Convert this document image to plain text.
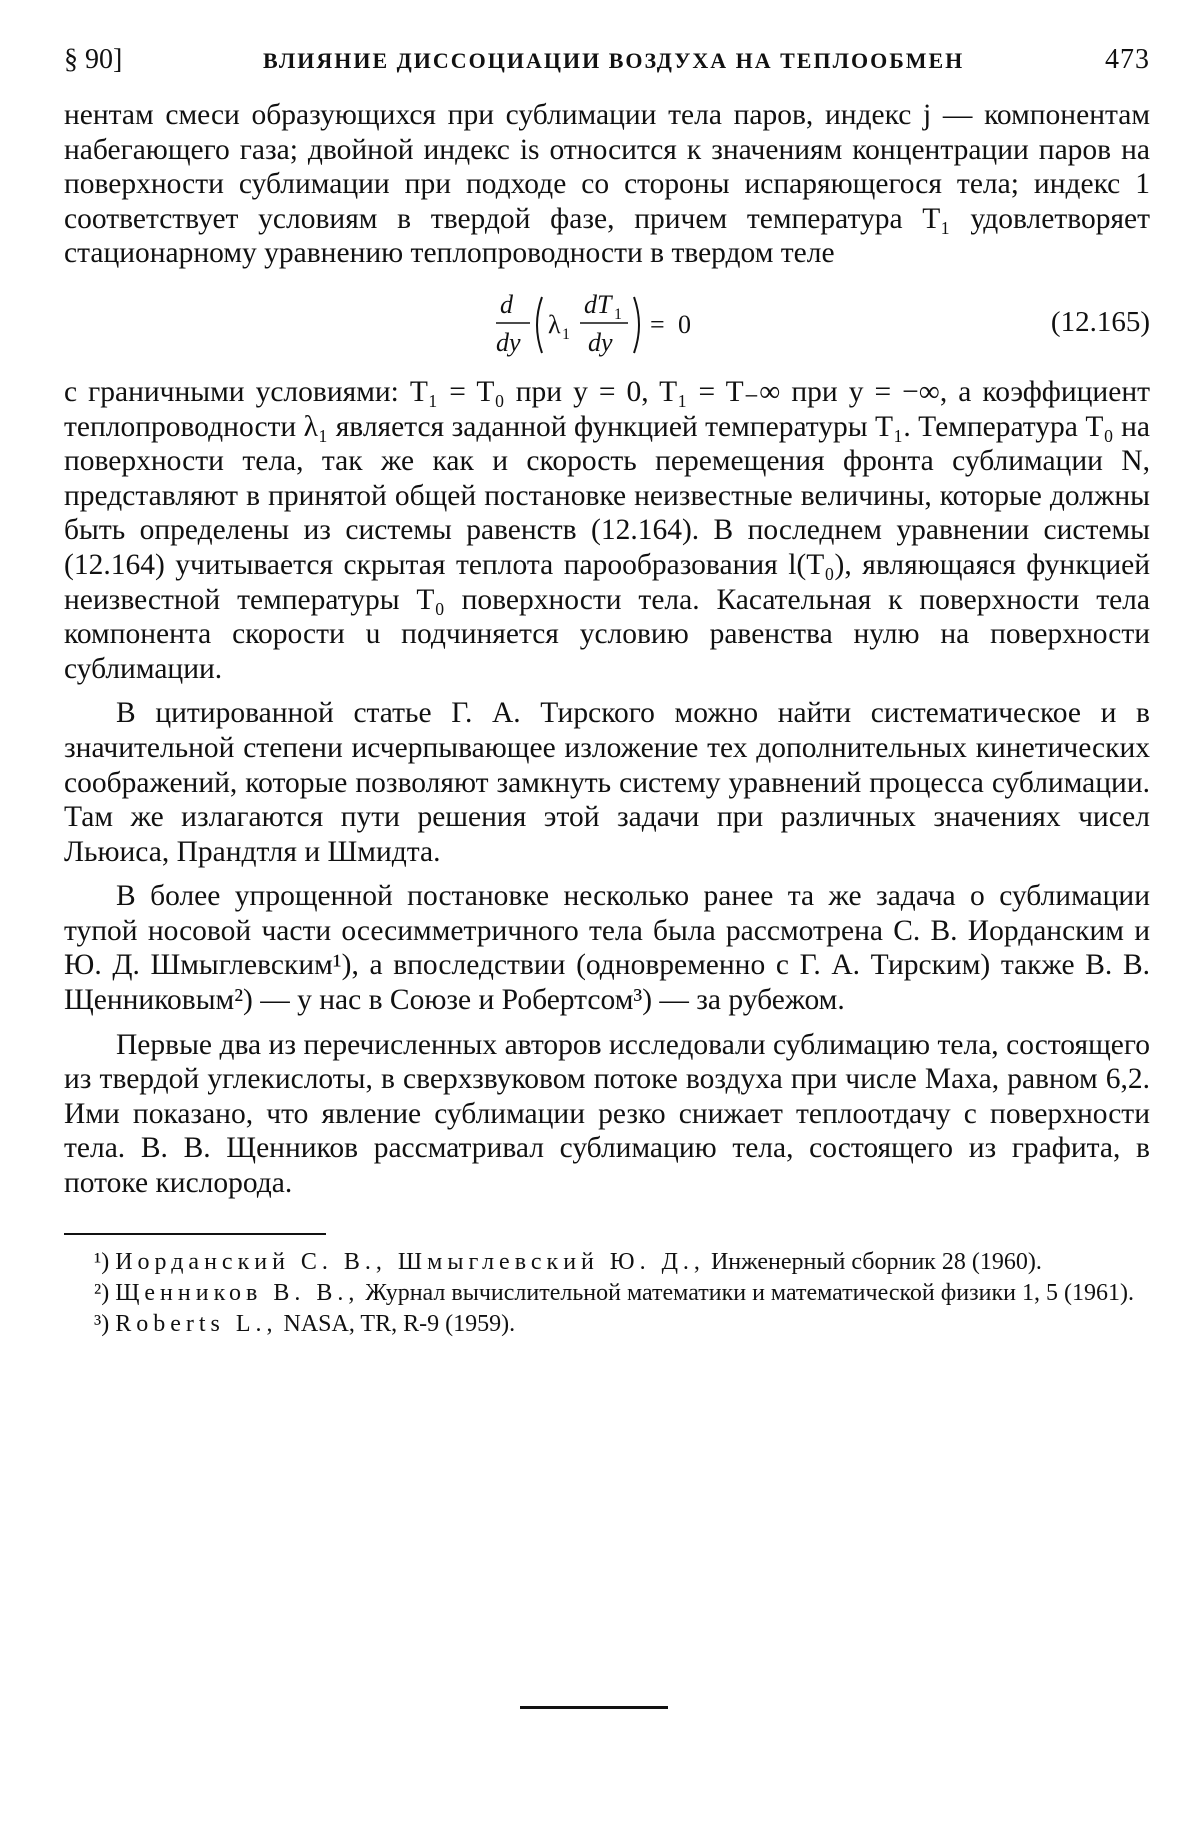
§ 90]	ВЛИЯНИЕ ДИССОЦИАЦИИ ВОЗДУХА НА ТЕПЛООБМЕН	473

нентам смеси образующихся при сублимации тела паров, индекс j — компонентам набегающего газа; двойной индекс is относится к значениям концентрации паров на поверхности сублимации при подходе со стороны испаряющегося тела; индекс 1 соответствует условиям в твердой фазе, причем температура T₁ удовлетворяет стационарному уравнению теплопроводности в твердом теле

d
dy
λ 1
dT 1
dy
= 0	(12.165)

с граничными условиями: T₁ = T₀ при y = 0, T₁ = T₋∞ при y = −∞, а коэффициент теплопроводности λ₁ является заданной функцией температуры T₁. Температура T₀ на поверхности тела, так же как и скорость перемещения фронта сублимации N, представляют в принятой общей постановке неизвестные величины, которые должны быть определены из системы равенств (12.164). В последнем уравнении системы (12.164) учитывается скрытая теплота парообразования l(T₀), являющаяся функцией неизвестной температуры T₀ поверхности тела. Касательная к поверхности тела компонента скорости u подчиняется условию равенства нулю на поверхности сублимации.

В цитированной статье Г. А. Тирского можно найти систематическое и в значительной степени исчерпывающее изложение тех дополнительных кинетических соображений, которые позволяют замкнуть систему уравнений процесса сублимации. Там же излагаются пути решения этой задачи при различных значениях чисел Льюиса, Прандтля и Шмидта.

В более упрощенной постановке несколько ранее та же задача о сублимации тупой носовой части осесимметричного тела была рассмотрена С. В. Иорданским и Ю. Д. Шмыглевским¹), а впоследствии (одновременно с Г. А. Тирским) также В. В. Щенниковым²) — у нас в Союзе и Робертсом³) — за рубежом.

Первые два из перечисленных авторов исследовали сублимацию тела, состоящего из твердой углекислоты, в сверхзвуковом потоке воздуха при числе Маха, равном 6,2. Ими показано, что явление сублимации резко снижает теплоотдачу с поверхности тела. В. В. Щенников рассматривал сублимацию тела, состоящего из графита, в потоке кислорода.

¹) Иорданский С. В., Шмыглевский Ю. Д., Инженерный сборник 28 (1960).

²) Щенников В. В., Журнал вычислительной математики и математической физики 1, 5 (1961).

³) Roberts L., NASA, TR, R-9 (1959).
